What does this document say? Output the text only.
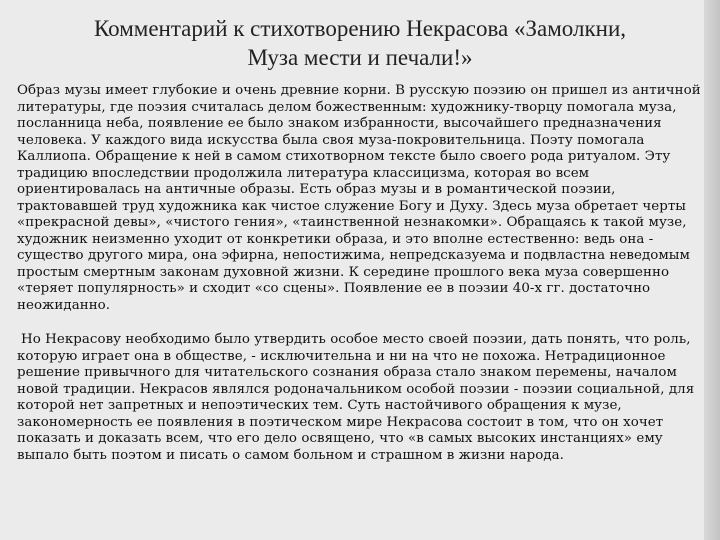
Комментарий к стихотворению Некрасова «Замолкни,
Муза мести и печали!»

Образ музы имеет глубокие и очень древние корни. В русскую поэзию он пришел из античной литературы, где поэзия считалась делом божественным: художнику-творцу помогала муза, посланница неба, появление ее было знаком избранности, высочайшего предназначения человека. У каждого вида искусства была своя муза-покровительница. Поэту помогала Каллиопа. Обращение к ней в самом стихотворном тексте было своего рода ритуалом. Эту традицию впоследствии продолжила литература классицизма, которая во всем ориентировалась на античные образы. Есть образ музы и в романтической поэзии, трактовавшей труд художника как чистое служение Богу и Духу. Здесь муза обретает черты «прекрасной девы», «чистого гения», «таинственной незнакомки». Обращаясь к такой музе, художник неизменно уходит от конкретики образа, и это вполне естественно: ведь она - существо другого мира, она эфирна, непостижима, непредсказуема и подвластна неведомым простым смертным законам духовной жизни. К середине прошлого века муза совершенно «теряет популярность» и сходит «со сцены». Появление ее в поэзии 40-х гг. достаточно неожиданно.

Но Некрасову необходимо было утвердить особое место своей поэзии, дать понять, что роль, которую играет она в обществе, - исключительна и ни на что не похожа. Нетрадиционное решение привычного для читательского сознания образа стало знаком перемены, началом новой традиции. Некрасов являлся родоначальником особой поэзии - поэзии социальной, для которой нет запретных и непоэтических тем. Суть настойчивого обращения к музе, закономерность ее появления в поэтическом мире Некрасова состоит в том, что он хочет показать и доказать всем, что его дело освящено, что «в самых высоких инстанциях» ему выпало быть поэтом и писать о самом больном и страшном в жизни народа.
